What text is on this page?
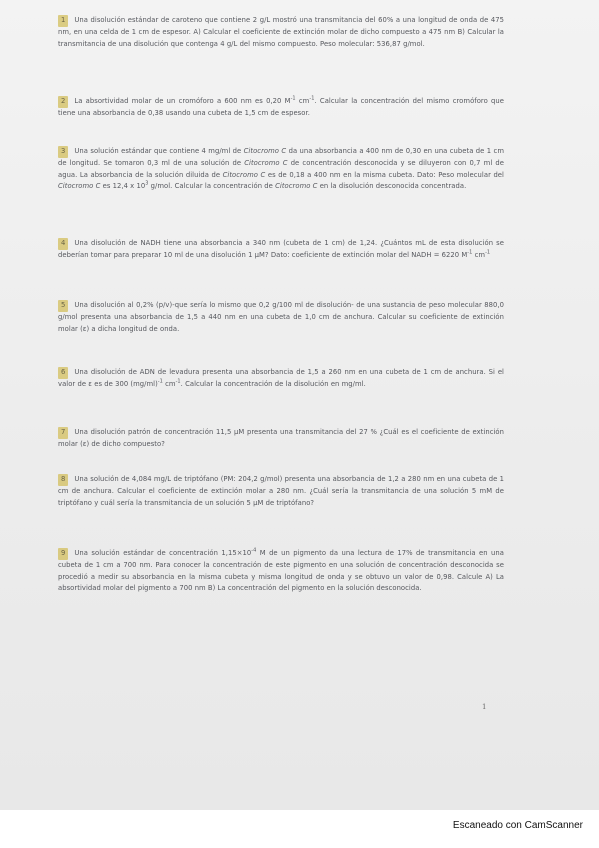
1 Una disolución estándar de caroteno que contiene 2 g/L mostró una transmitancia del 60% a una longitud de onda de 475 nm, en una celda de 1 cm de espesor. A) Calcular el coeficiente de extinción molar de dicho compuesto a 475 nm B) Calcular la transmitancia de una disolución que contenga 4 g/L del mismo compuesto. Peso molecular: 536,87 g/mol.

2 La absortividad molar de un cromóforo a 600 nm es 0,20 $M^{-1}$ $cm^{-1}$. Calcular la concentración del mismo cromóforo que tiene una absorbancia de 0,38 usando una cubeta de 1,5 cm de espesor.

3 Una solución estándar que contiene 4 mg/ml de Citocromo C da una absorbancia a 400 nm de 0,30 en una cubeta de 1 cm de longitud. Se tomaron 0,3 ml de una solución de Citocromo C de concentración desconocida y se diluyeron con 0,7 ml de agua. La absorbancia de la solución diluida de Citocromo C es de 0,18 a 400 nm en la misma cubeta. Dato: Peso molecular del Citocromo C es 12,4 x $10^3$ g/mol. Calcular la concentración de Citocromo C en la disolución desconocida concentrada.

4 Una disolución de NADH tiene una absorbancia a 340 nm (cubeta de 1 cm) de 1,24. ¿Cuántos mL de esta disolución se deberían tomar para preparar 10 ml de una disolución 1 µM? Dato: coeficiente de extinción molar del NADH = 6220 $M^{-1}$ $cm^{-1}$

5 Una disolución al 0,2% (p/v)-que sería lo mismo que 0,2 g/100 ml de disolución- de una sustancia de peso molecular 880,0 g/mol presenta una absorbancia de 1,5 a 440 nm en una cubeta de 1,0 cm de anchura. Calcular su coeficiente de extinción molar (ε) a dicha longitud de onda.

6 Una disolución de ADN de levadura presenta una absorbancia de 1,5 a 260 nm en una cubeta de 1 cm de anchura. Si el valor de ε es de 300 $(mg/ml)^{-1}$ $cm^{-1}$. Calcular la concentración de la disolución en mg/ml.

7 Una disolución patrón de concentración 11,5 µM presenta una transmitancia del 27 % ¿Cuál es el coeficiente de extinción molar (ε) de dicho compuesto?

8 Una solución de 4,084 mg/L de triptófano (PM: 204,2 g/mol) presenta una absorbancia de 1,2 a 280 nm en una cubeta de 1 cm de anchura. Calcular el coeficiente de extinción molar a 280 nm. ¿Cuál sería la transmitancia de una solución 5 mM de triptófano y cuál sería la transmitancia de un solución 5 µM de triptófano?

9 Una solución estándar de concentración $1,15\times 10^{-4}$ M de un pigmento da una lectura de 17% de transmitancia en una cubeta de 1 cm a 700 nm. Para conocer la concentración de este pigmento en una solución de concentración desconocida se procedió a medir su absorbancia en la misma cubeta y misma longitud de onda y se obtuvo un valor de 0,98. Calcule A) La absortividad molar del pigmento a 700 nm B) La concentración del pigmento en la solución desconocida.

1

Escaneado con CamScanner
